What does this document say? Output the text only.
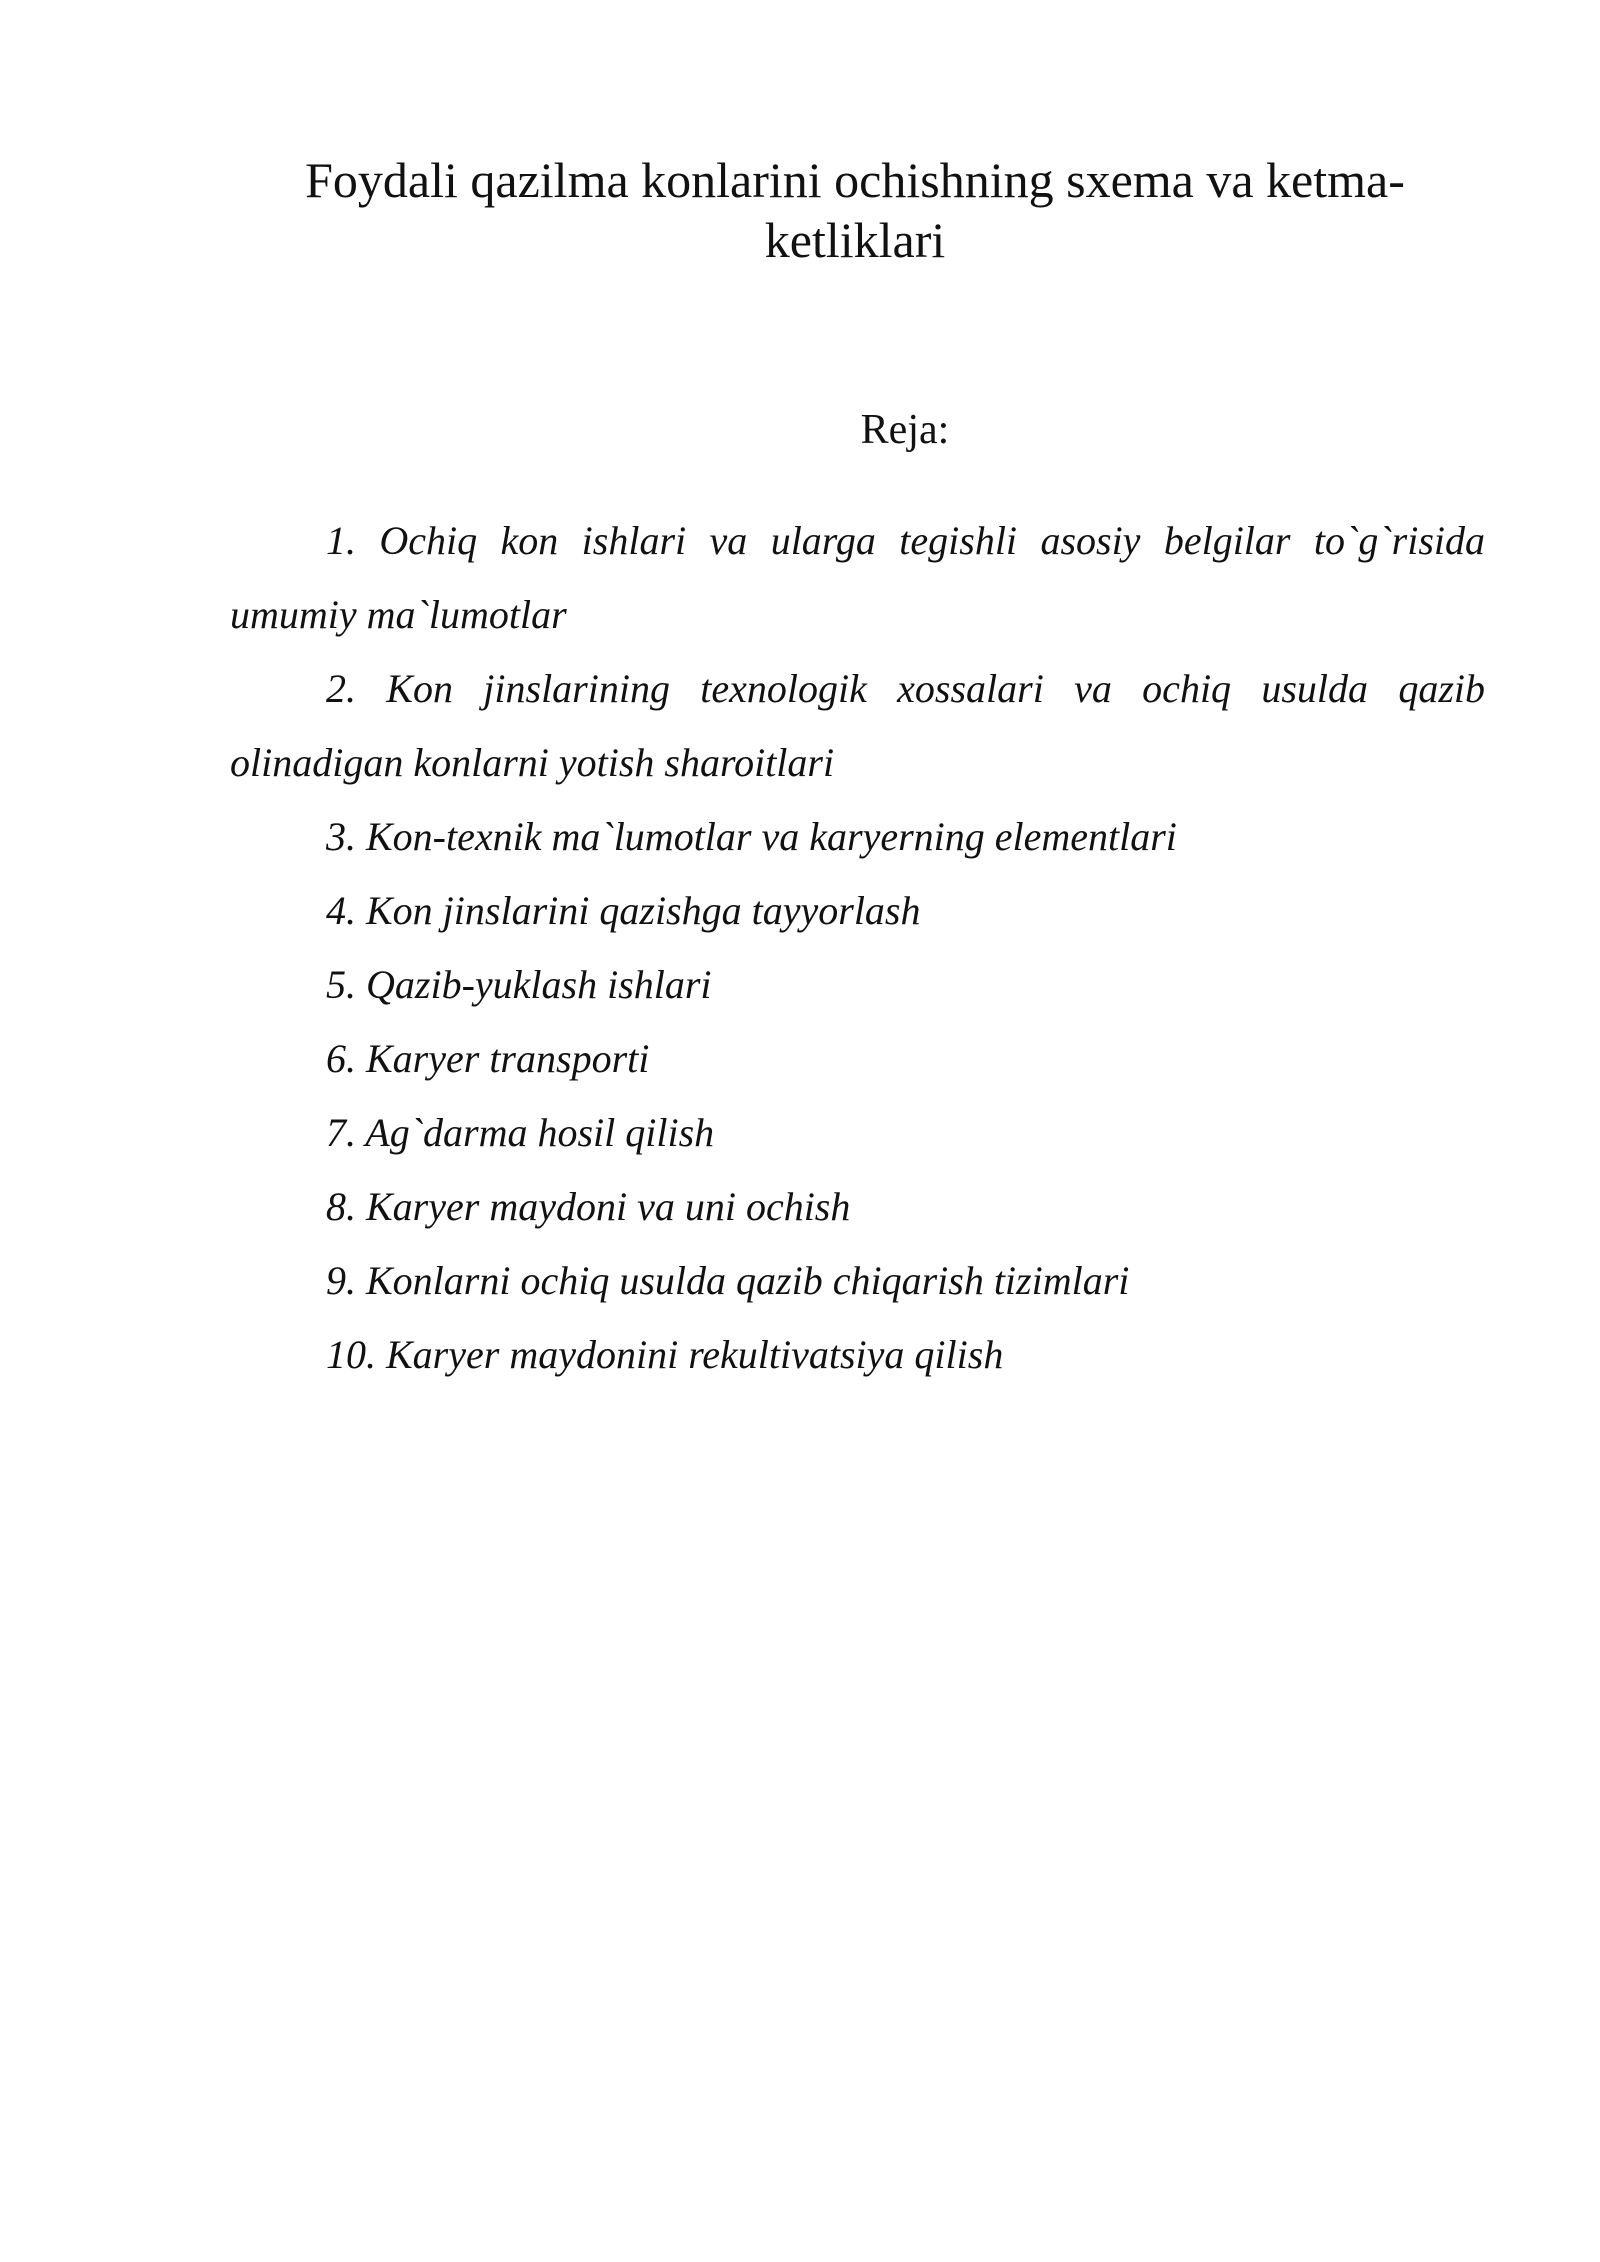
Foydali qazilma konlarini ochishning sxema va ketma-ketliklari
Reja:
1. Ochiq kon ishlari va ularga tegishli asosiy belgilar to`g`risida umumiy ma`lumotlar
2. Kon jinslarining texnologik xossalari va ochiq usulda qazib olinadigan konlarni yotish sharoitlari
3. Kon-texnik ma`lumotlar va karyerning elementlari
4. Kon jinslarini qazishga tayyorlash
5. Qazib-yuklash ishlari
6. Karyer transporti
7. Ag`darma hosil qilish
8. Karyer maydoni va uni ochish
9. Konlarni ochiq usulda qazib chiqarish tizimlari
10. Karyer maydonini rekultivatsiya qilish
